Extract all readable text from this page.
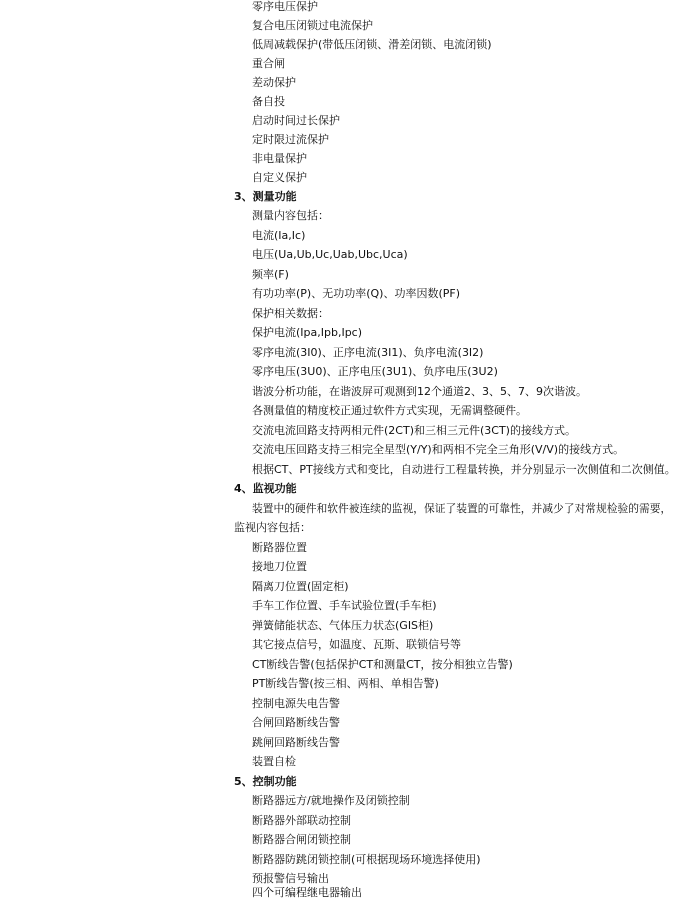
零序电压保护
复合电压闭锁过电流保护
低周减载保护(带低压闭锁、滑差闭锁、电流闭锁)
重合闸
差动保护
备自投
启动时间过长保护
定时限过流保护
非电量保护
自定义保护
3、测量功能
测量内容包括：
电流(Ia,Ic)
电压(Ua,Ub,Uc,Uab,Ubc,Uca)
频率(F)
有功功率(P)、无功功率(Q)、功率因数(PF)
保护相关数据：
保护电流(Ipa,Ipb,Ipc)
零序电流(3I0)、正序电流(3I1)、负序电流(3I2)
零序电压(3U0)、正序电压(3U1)、负序电压(3U2)
谐波分析功能，在谐波屏可观测到12个通道2、3、5、7、9次谐波。
各测量值的精度校正通过软件方式实现，无需调整硬件。
交流电流回路支持两相元件(2CT)和三相三元件(3CT)的接线方式。
交流电压回路支持三相完全星型(Y/Y)和两相不完全三角形(V/V)的接线方式。
根据CT、PT接线方式和变比，自动进行工程量转换，并分别显示一次侧值和二次侧值。
4、监视功能
装置中的硬件和软件被连续的监视，保证了装置的可靠性，并减少了对常规检验的需要，
监视内容包括：
断路器位置
接地刀位置
隔离刀位置(固定柜)
手车工作位置、手车试验位置(手车柜)
弹簧储能状态、气体压力状态(GIS柜)
其它接点信号，如温度、瓦斯、联锁信号等
CT断线告警(包括保护CT和测量CT，按分相独立告警)
PT断线告警(按三相、两相、单相告警)
控制电源失电告警
合闸回路断线告警
跳闸回路断线告警
装置自检
5、控制功能
断路器远方/就地操作及闭锁控制
断路器外部联动控制
断路器合闸闭锁控制
断路器防跳闭锁控制(可根据现场环境选择使用)
预报警信号输出
四个可编程继电器输出
